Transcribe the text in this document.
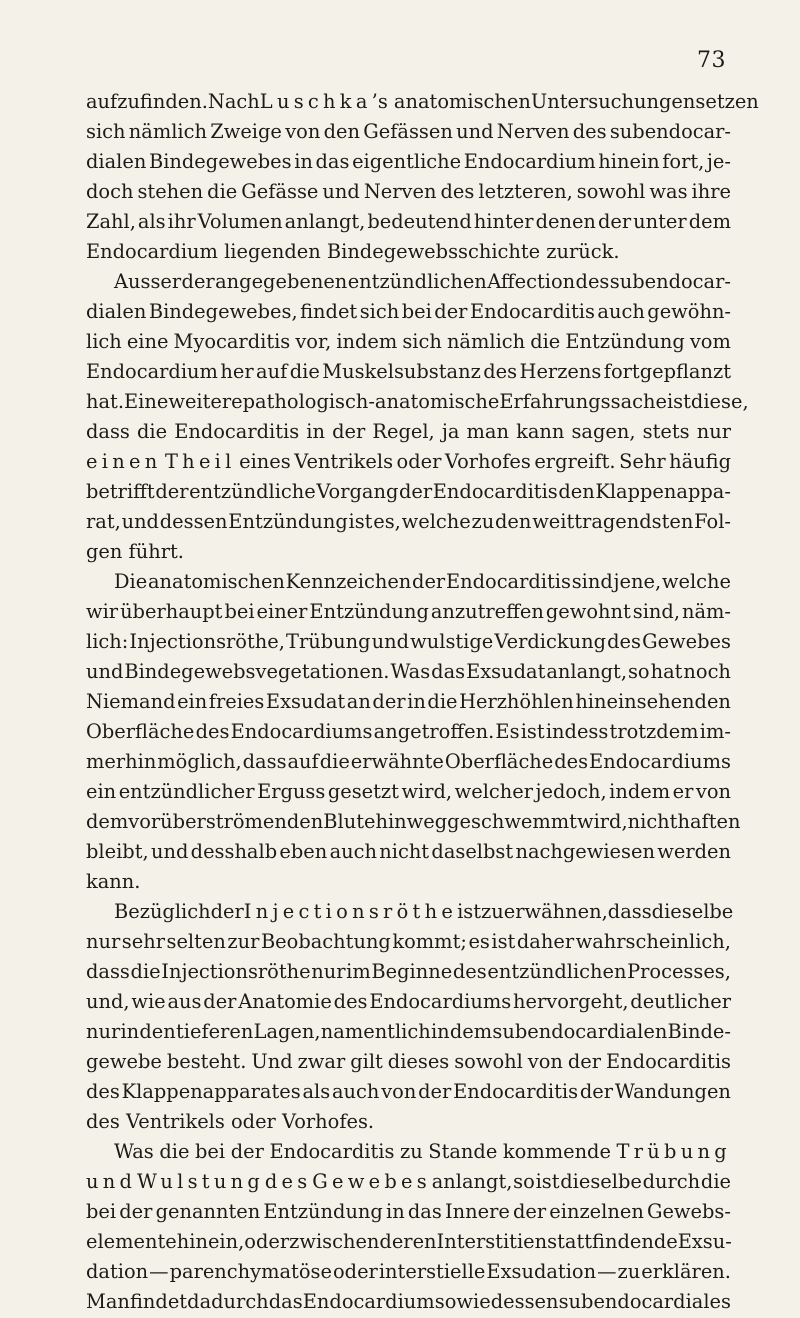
73
aufzufinden. Nach Luschka ’s anatomischen Untersuchungen setzen
sich nämlich Zweige von den Gefässen und Nerven des subendocar-
dialen Bindegewebes in das eigentliche Endocardium hinein fort, je-
doch stehen die Gefässe und Nerven des letzteren, sowohl was ihre
Zahl, als ihr Volumen anlangt, bedeutend hinter denen der unter dem
Endocardium liegenden Bindegewebsschichte zurück.
Ausser der angegebenen entzündlichen Affection des subendocar-
dialen Bindegewebes, findet sich bei der Endocarditis auch gewöhn-
lich eine Myocarditis vor, indem sich nämlich die Entzündung vom
Endocardium her auf die Muskelsubstanz des Herzens fortgepflanzt
hat. Eine weitere pathologisch-anatomische Erfahrungssache ist diese,
dass die Endocarditis in der Regel, ja man kann sagen, stets nur
einen Theil eines Ventrikels oder Vorhofes ergreift. Sehr häufig
betrifft der entzündliche Vorgang der Endocarditis den Klappenappa-
rat, und dessen Entzündung ist es, welche zu den weittragendsten Fol-
gen führt.
Die anatomischen Kennzeichen der Endocarditis sind jene, welche
wir überhaupt bei einer Entzündung anzutreffen gewohnt sind, näm-
lich: Injectionsröthe, Trübung und wulstige Verdickung des Gewebes
und Bindegewebsvegetationen. Was das Exsudat anlangt, so hat noch
Niemand ein freies Exsudat an der in die Herzhöhlen hineinsehenden
Oberfläche des Endocardiums angetroffen. Es ist indess trotzdem im-
merhin möglich, dass auf die erwähnte Oberfläche des Endocardiums
ein entzündlicher Erguss gesetzt wird, welcher jedoch, indem er von
dem vorüberströmenden Blute hinweggeschwemmt wird, nicht haften
bleibt, und desshalb eben auch nicht daselbst nachgewiesen werden
kann.
Bezüglich der Injectionsröthe ist zu erwähnen, dass dieselbe
nur sehr selten zur Beobachtung kommt; es ist daher wahrscheinlich,
dass die Injectionsröthe nur im Beginne des entzündlichen Processes,
und, wie aus der Anatomie des Endocardiums hervorgeht, deutlicher
nur in den tieferen Lagen, namentlich in dem subendocardialen Binde-
gewebe besteht. Und zwar gilt dieses sowohl von der Endocarditis
des Klappenapparates als auch von der Endocarditis der Wandungen
des Ventrikels oder Vorhofes.
Was die bei der Endocarditis zu Stande kommende Trübung
und Wulstung des Gewebes anlangt, so ist dieselbe durch die
bei der genannten Entzündung in das Innere der einzelnen Gewebs-
elemente hinein, oder zwischen deren Interstitien stattfindende Exsu-
dation — parenchymatöse oder interstielle Exsudation — zu erklären.
Man findet dadurch das Endocardium sowie dessen subendocardiales
